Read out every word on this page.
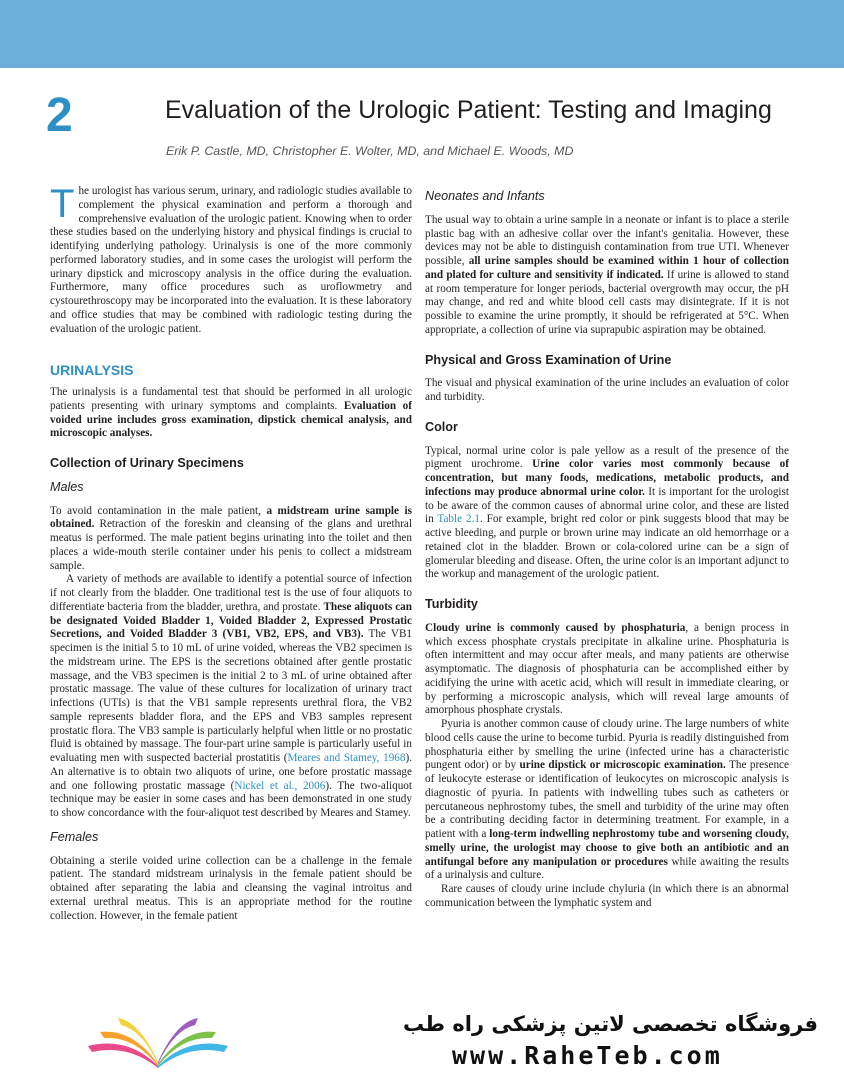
2	Evaluation of the Urologic Patient: Testing and Imaging
Erik P. Castle, MD, Christopher E. Wolter, MD, and Michael E. Woods, MD

The urologist has various serum, urinary, and radiologic studies available to complement the physical examination and perform a thorough and comprehensive evaluation of the urologic patient. Knowing when to order these studies based on the underlying history and physical findings is crucial to identifying underlying pathology. Urinalysis is one of the more commonly performed laboratory studies, and in some cases the urologist will perform the urinary dipstick and microscopy analysis in the office during the evaluation. Furthermore, many office procedures such as uroflowmetry and cystourethroscopy may be incorporated into the evaluation. It is these laboratory and office studies that may be combined with radiologic testing during the evaluation of the urologic patient.

URINALYSIS

The urinalysis is a fundamental test that should be performed in all urologic patients presenting with urinary symptoms and complaints. Evaluation of voided urine includes gross examination, dipstick chemical analysis, and microscopic analyses.

Collection of Urinary Specimens
Males

To avoid contamination in the male patient, a midstream urine sample is obtained. Retraction of the foreskin and cleansing of the glans and urethral meatus is performed. The male patient begins urinating into the toilet and then places a wide-mouth sterile container under his penis to collect a midstream sample.

A variety of methods are available to identify a potential source of infection if not clearly from the bladder. One traditional test is the use of four aliquots to differentiate bacteria from the bladder, urethra, and prostate. These aliquots can be designated Voided Bladder 1, Voided Bladder 2, Expressed Prostatic Secretions, and Voided Bladder 3 (VB1, VB2, EPS, and VB3). The VB1 specimen is the initial 5 to 10 mL of urine voided, whereas the VB2 specimen is the midstream urine. The EPS is the secretions obtained after gentle prostatic massage, and the VB3 specimen is the initial 2 to 3 mL of urine obtained after prostatic massage. The value of these cultures for localization of urinary tract infections (UTIs) is that the VB1 sample represents urethral flora, the VB2 sample represents bladder flora, and the EPS and VB3 samples represent prostatic flora. The VB3 sample is particularly helpful when little or no prostatic fluid is obtained by massage. The four-part urine sample is particularly useful in evaluating men with suspected bacterial prostatitis (Meares and Stamey, 1968). An alternative is to obtain two aliquots of urine, one before prostatic massage and one following prostatic massage (Nickel et al., 2006). The two-aliquot technique may be easier in some cases and has been demonstrated in one study to show concordance with the four-aliquot test described by Meares and Stamey.

Females

Obtaining a sterile voided urine collection can be a challenge in the female patient. The standard midstream urinalysis in the female patient should be obtained after separating the labia and cleansing the vaginal introitus and external urethral meatus. This is an appropriate method for the routine collection. However, in the female patient

Neonates and Infants

The usual way to obtain a urine sample in a neonate or infant is to place a sterile plastic bag with an adhesive collar over the infant's genitalia. However, these devices may not be able to distinguish contamination from true UTI. Whenever possible, all urine samples should be examined within 1 hour of collection and plated for culture and sensitivity if indicated. If urine is allowed to stand at room temperature for longer periods, bacterial overgrowth may occur, the pH may change, and red and white blood cell casts may disintegrate. If it is not possible to examine the urine promptly, it should be refrigerated at 5°C. When appropriate, a collection of urine via suprapubic aspiration may be obtained.

Physical and Gross Examination of Urine

The visual and physical examination of the urine includes an evaluation of color and turbidity.

Color

Typical, normal urine color is pale yellow as a result of the presence of the pigment urochrome. Urine color varies most commonly because of concentration, but many foods, medications, metabolic products, and infections may produce abnormal urine color. It is important for the urologist to be aware of the common causes of abnormal urine color, and these are listed in Table 2.1. For example, bright red color or pink suggests blood that may be active bleeding, and purple or brown urine may indicate an old hemorrhage or a retained clot in the bladder. Brown or cola-colored urine can be a sign of glomerular bleeding and disease. Often, the urine color is an important adjunct to the workup and management of the urologic patient.

Turbidity

Cloudy urine is commonly caused by phosphaturia, a benign process in which excess phosphate crystals precipitate in alkaline urine. Phosphaturia is often intermittent and may occur after meals, and many patients are otherwise asymptomatic. The diagnosis of phosphaturia can be accomplished either by acidifying the urine with acetic acid, which will result in immediate clearing, or by performing a microscopic analysis, which will reveal large amounts of amorphous phosphate crystals.

Pyuria is another common cause of cloudy urine. The large numbers of white blood cells cause the urine to become turbid. Pyuria is readily distinguished from phosphaturia either by smelling the urine (infected urine has a characteristic pungent odor) or by urine dipstick or microscopic examination. The presence of leukocyte esterase or identification of leukocytes on microscopic analysis is diagnostic of pyuria. In patients with indwelling tubes such as catheters or percutaneous nephrostomy tubes, the smell and turbidity of the urine may often be a contributing deciding factor in determining treatment. For example, in a patient with a long-term indwelling nephrostomy tube and worsening cloudy, smelly urine, the urologist may choose to give both an antibiotic and an antifungal before any manipulation or procedures while awaiting the results of a urinalysis and culture.

Rare causes of cloudy urine include chyluria (in which there is an abnormal communication between the lymphatic system and

فروشگاه تخصصی لاتین پزشکی راه طب
www.RaheTeb.com
